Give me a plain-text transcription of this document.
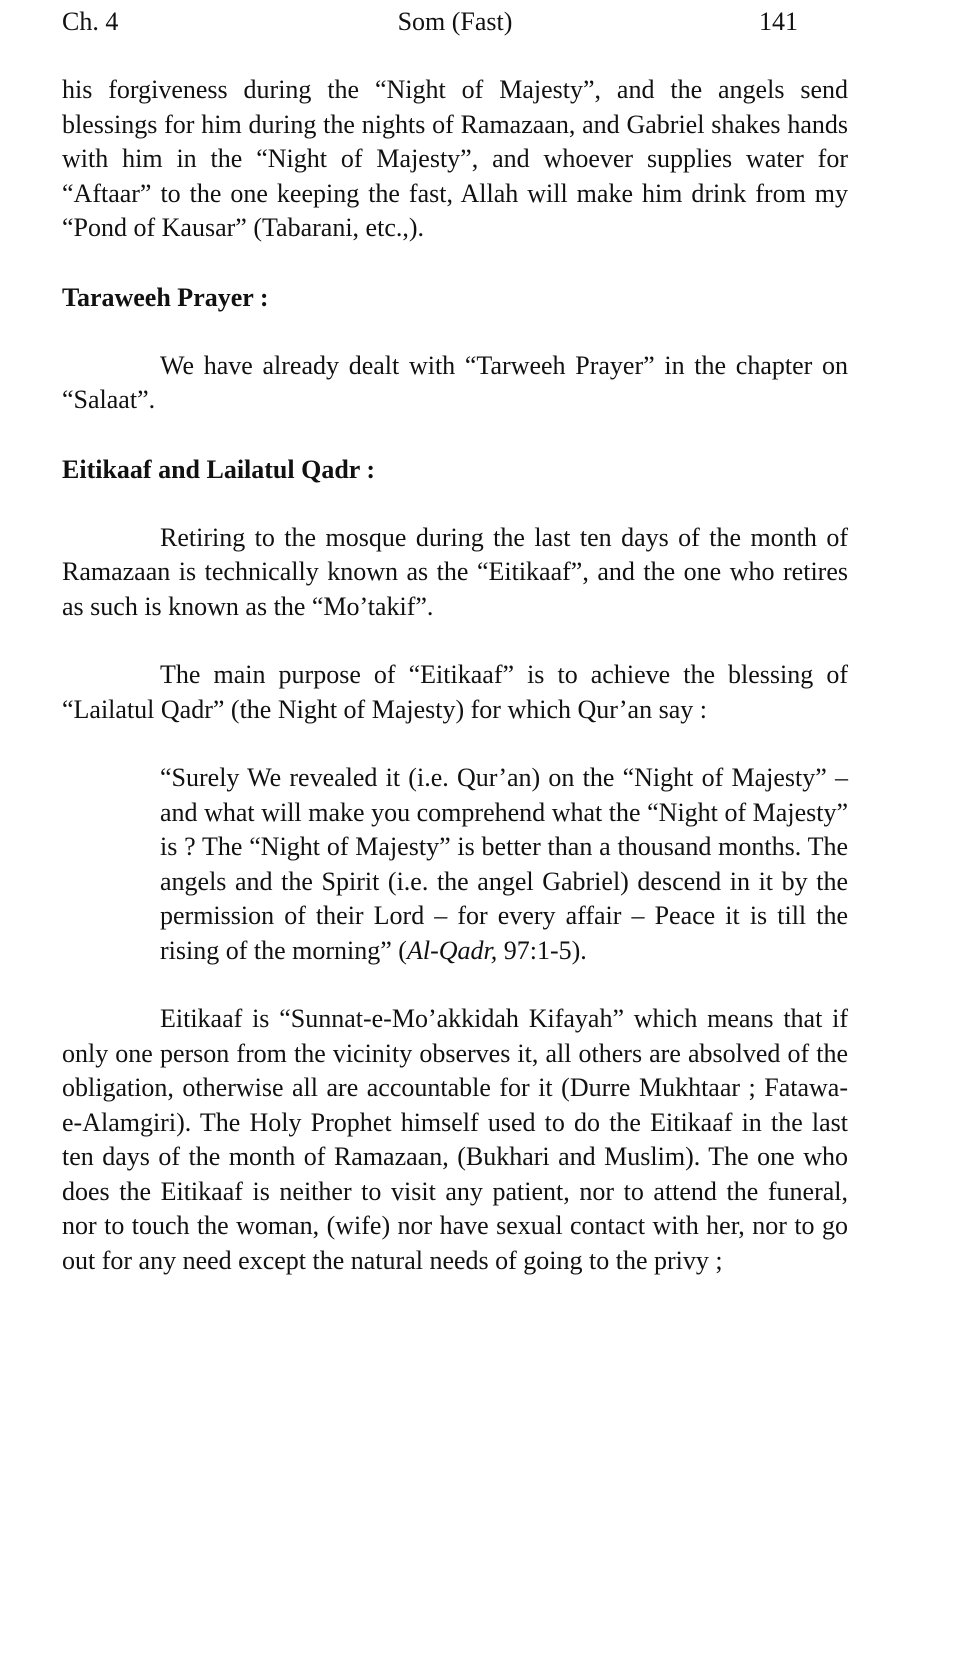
Ch. 4	Som (Fast)	141

his forgiveness during the “Night of Majesty”, and the angels send blessings for him during the nights of Ramazaan, and Gabriel shakes hands with him in the “Night of Majesty”, and whoever supplies water for “Aftaar” to the one keeping the fast, Allah will make him drink from my “Pond of Kausar” (Tabarani, etc.,).

Taraweeh Prayer :

We have already dealt with “Tarweeh Prayer” in the chapter on “Salaat”.

Eitikaaf and Lailatul Qadr :

Retiring to the mosque during the last ten days of the month of Ramazaan is technically known as the “Eitikaaf”, and the one who retires as such is known as the “Mo’takif”.

The main purpose of “Eitikaaf” is to achieve the blessing of “Lailatul Qadr” (the Night of Majesty) for which Qur’an say :

“Surely We revealed it (i.e. Qur’an) on the “Night of Majesty” – and what will make you comprehend what the “Night of Majesty” is ? The “Night of Majesty” is better than a thousand months. The angels and the Spirit (i.e. the angel Gabriel) descend in it by the permission of their Lord – for every affair – Peace it is till the rising of the morning” (Al-Qadr, 97:1-5).

Eitikaaf is “Sunnat-e-Mo’akkidah Kifayah” which means that if only one person from the vicinity observes it, all others are absolved of the obligation, otherwise all are accountable for it (Durre Mukhtaar ; Fatawa-e-Alamgiri). The Holy Prophet himself used to do the Eitikaaf in the last ten days of the month of Ramazaan, (Bukhari and Muslim). The one who does the Eitikaaf is neither to visit any patient, nor to attend the funeral, nor to touch the woman, (wife) nor have sexual contact with her, nor to go out for any need except the natural needs of going to the privy ;
